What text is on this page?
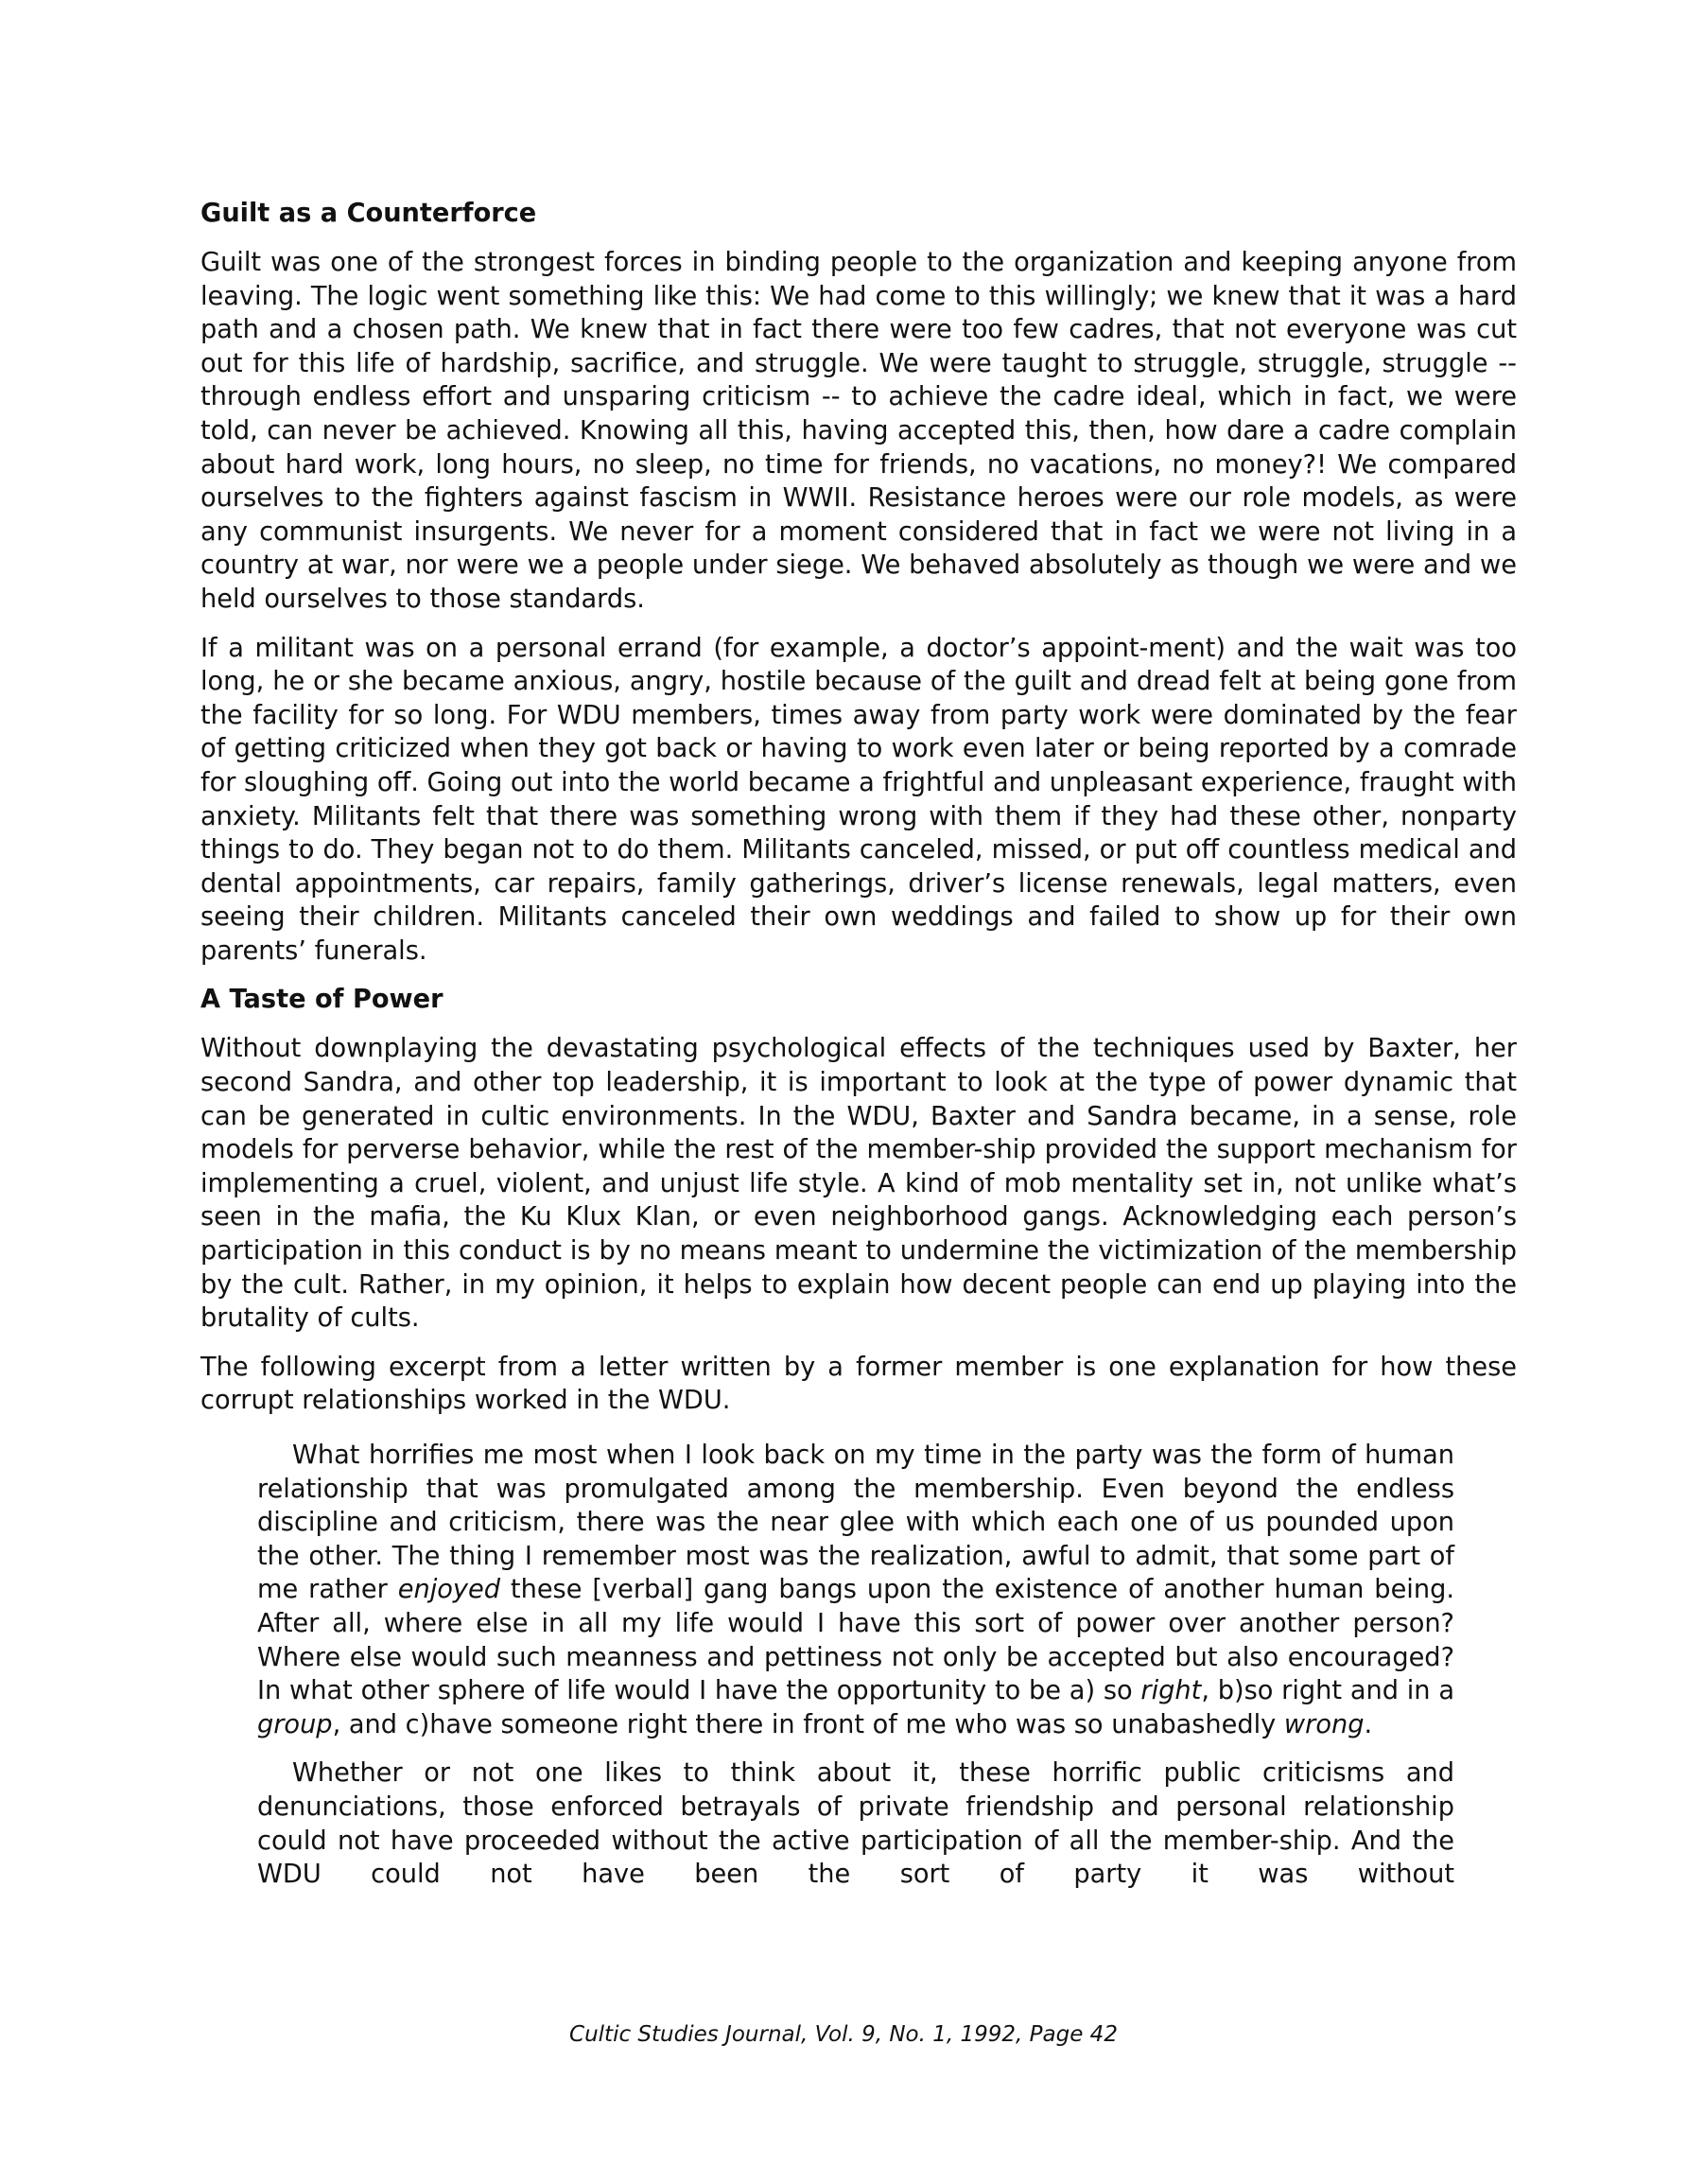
Guilt as a Counterforce

Guilt was one of the strongest forces in binding people to the organization and keeping anyone from leaving. The logic went something like this: We had come to this willingly; we knew that it was a hard path and a chosen path. We knew that in fact there were too few cadres, that not everyone was cut out for this life of hardship, sacrifice, and struggle. We were taught to struggle, struggle, struggle -- through endless effort and unsparing criticism -- to achieve the cadre ideal, which in fact, we were told, can never be achieved. Knowing all this, having accepted this, then, how dare a cadre complain about hard work, long hours, no sleep, no time for friends, no vacations, no money?! We compared ourselves to the fighters against fascism in WWII. Resistance heroes were our role models, as were any communist insurgents. We never for a moment considered that in fact we were not living in a country at war, nor were we a people under siege. We behaved absolutely as though we were and we held ourselves to those standards.

If a militant was on a personal errand (for example, a doctor’s appoint-ment) and the wait was too long, he or she became anxious, angry, hostile because of the guilt and dread felt at being gone from the facility for so long. For WDU members, times away from party work were dominated by the fear of getting criticized when they got back or having to work even later or being reported by a comrade for sloughing off. Going out into the world became a frightful and unpleasant experience, fraught with anxiety. Militants felt that there was something wrong with them if they had these other, nonparty things to do. They began not to do them. Militants canceled, missed, or put off countless medical and dental appointments, car repairs, family gatherings, driver’s license renewals, legal matters, even seeing their children. Militants canceled their own weddings and failed to show up for their own parents’ funerals.

A Taste of Power

Without downplaying the devastating psychological effects of the techniques used by Baxter, her second Sandra, and other top leadership, it is important to look at the type of power dynamic that can be generated in cultic environments. In the WDU, Baxter and Sandra became, in a sense, role models for perverse behavior, while the rest of the member-ship provided the support mechanism for implementing a cruel, violent, and unjust life style. A kind of mob mentality set in, not unlike what’s seen in the mafia, the Ku Klux Klan, or even neighborhood gangs. Acknowledging each person’s participation in this conduct is by no means meant to undermine the victimization of the membership by the cult. Rather, in my opinion, it helps to explain how decent people can end up playing into the brutality of cults.

The following excerpt from a letter written by a former member is one explanation for how these corrupt relationships worked in the WDU.

What horrifies me most when I look back on my time in the party was the form of human relationship that was promulgated among the membership. Even beyond the endless discipline and criticism, there was the near glee with which each one of us pounded upon the other. The thing I remember most was the realization, awful to admit, that some part of me rather enjoyed these [verbal] gang bangs upon the existence of another human being. After all, where else in all my life would I have this sort of power over another person? Where else would such meanness and pettiness not only be accepted but also encouraged? In what other sphere of life would I have the opportunity to be a) so right, b)so right and in a group, and c)have someone right there in front of me who was so unabashedly wrong.

Whether or not one likes to think about it, these horrific public criticisms and denunciations, those enforced betrayals of private friendship and personal relationship could not have proceeded without the active participation of all the member-ship. And the WDU could not have been the sort of party it was without

Cultic Studies Journal, Vol. 9, No. 1, 1992, Page 42
